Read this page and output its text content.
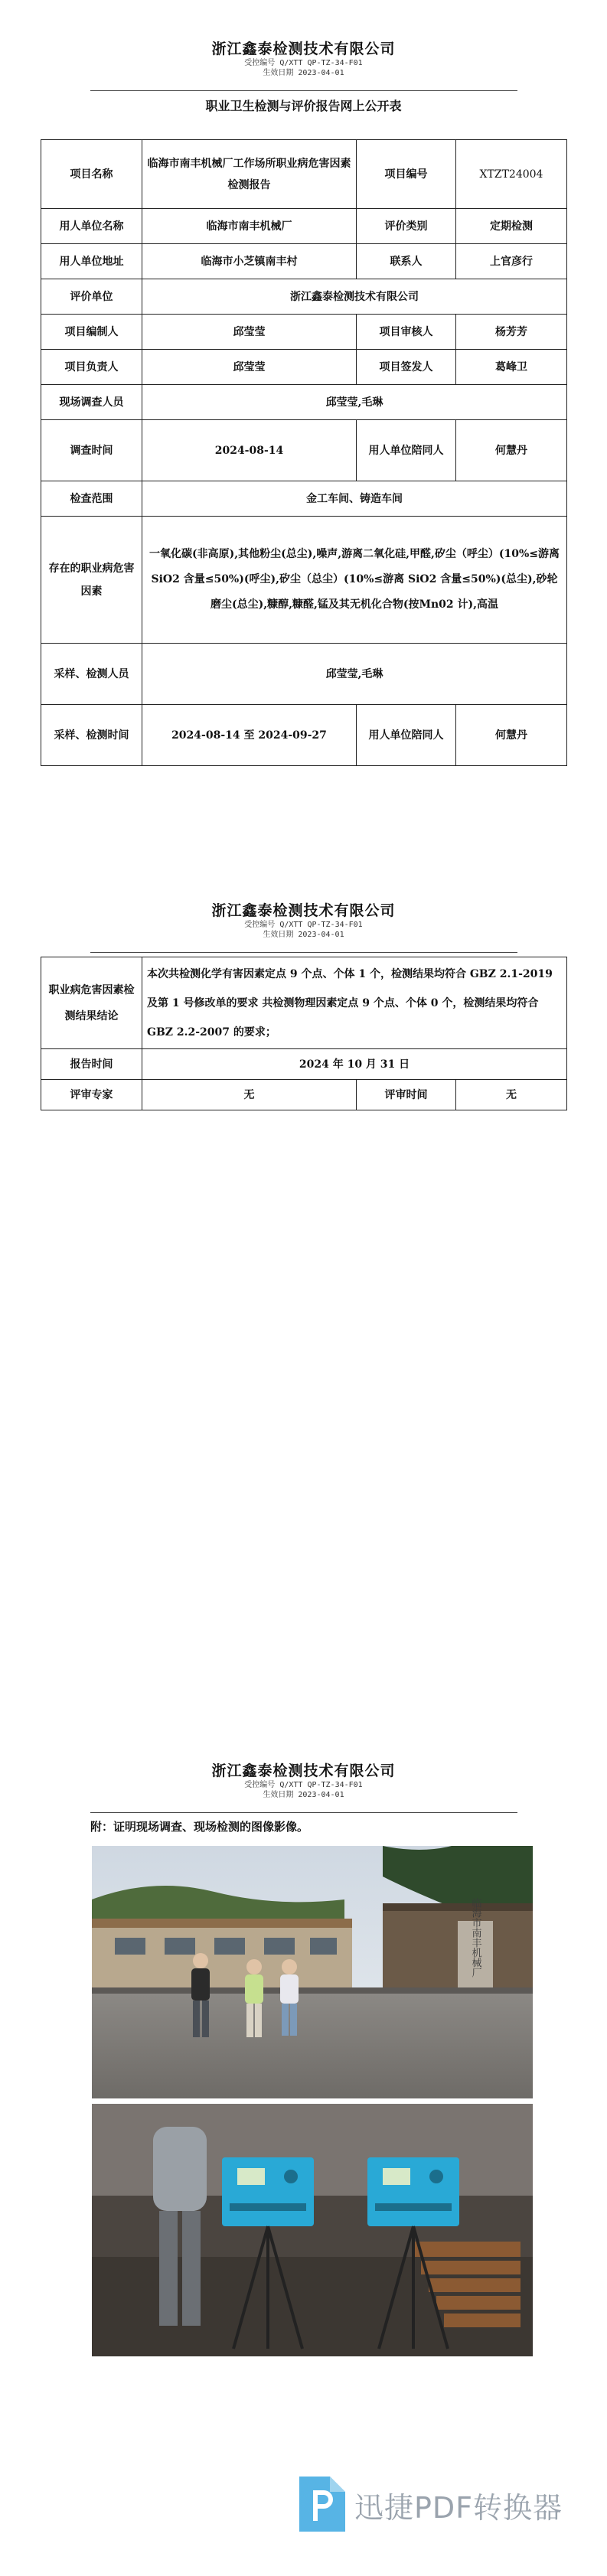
浙江鑫泰检测技术有限公司
受控编号 Q/XTT QP-TZ-34-F01
生效日期 2023-04-01
职业卫生检测与评价报告网上公开表
项目名称	临海市南丰机械厂工作场所职业病危害因素检测报告	项目编号	XTZT24004
用人单位名称	临海市南丰机械厂	评价类别	定期检测
用人单位地址	临海市小芝镇南丰村	联系人	上官彦行
评价单位	浙江鑫泰检测技术有限公司		
项目编制人	邱莹莹	项目审核人	杨芳芳
项目负责人	邱莹莹	项目签发人	葛峰卫
现场调查人员	邱莹莹,毛琳		
调查时间	2024-08-14	用人单位陪同人	何慧丹
检查范围	金工车间、铸造车间		
存在的职业病危害因素	一氧化碳(非高原),其他粉尘(总尘),噪声,游离二氧化硅,甲醛,矽尘（呼尘）(10%≤游离 SiO2 含量≤50%)(呼尘),矽尘（总尘）(10%≤游离 SiO2 含量≤50%)(总尘),砂轮磨尘(总尘),糠醇,糠醛,锰及其无机化合物(按Mn02 计),高温		
采样、检测人员	邱莹莹,毛琳		
采样、检测时间	2024-08-14 至 2024-09-27	用人单位陪同人	何慧丹
浙江鑫泰检测技术有限公司
受控编号 Q/XTT QP-TZ-34-F01
生效日期 2023-04-01
职业病危害因素检测结果结论	本次共检测化学有害因素定点 9 个点、个体 1 个，检测结果均符合 GBZ 2.1-2019 及第 1 号修改单的要求 共检测物理因素定点 9 个点、个体 0 个，检测结果均符合 GBZ 2.2-2007 的要求；		
报告时间	2024 年 10 月 31 日		
评审专家	无	评审时间	无
浙江鑫泰检测技术有限公司
受控编号 Q/XTT QP-TZ-34-F01
生效日期 2023-04-01
附：证明现场调查、现场检测的图像影像。
临海市南丰机械厂
迅捷PDF转换器
